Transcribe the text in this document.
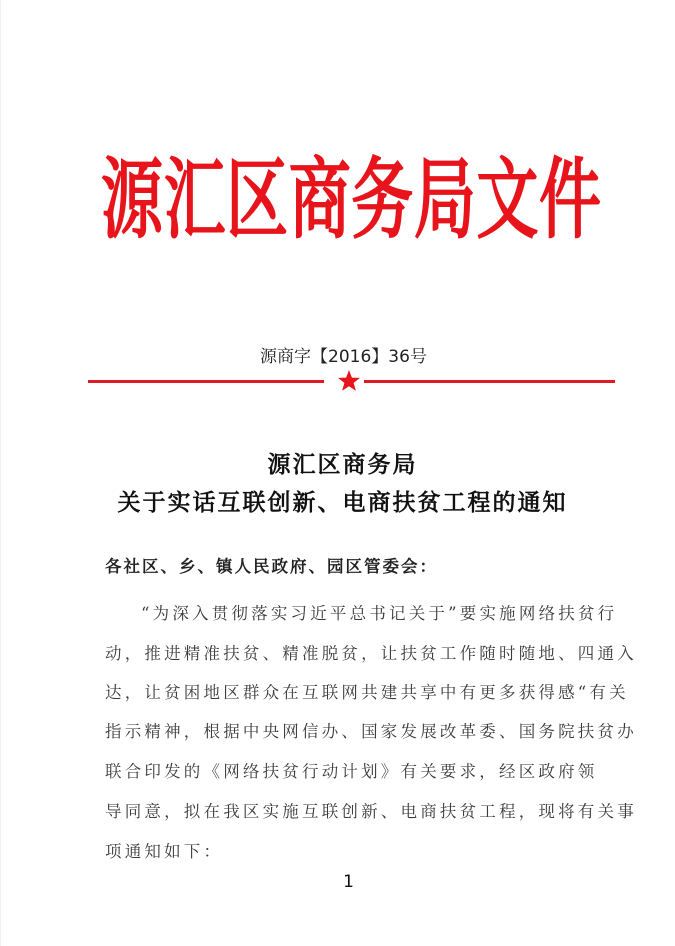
源 汇 区 商 务 局 文 件
源商字【2016】36号
源汇区商务局
关于实话互联创新、电商扶贫工程的通知
各社区、乡、镇人民政府、园区管委会：
“为深入贯彻落实习近平总书记关于”要实施网络扶贫行
动，推进精准扶贫、精准脱贫，让扶贫工作随时随地、四通入
达，让贫困地区群众在互联网共建共享中有更多获得感“有关
指示精神，根据中央网信办、国家发展改革委、国务院扶贫办
联合印发的《网络扶贫行动计划》有关要求，经区政府领
导同意，拟在我区实施互联创新、电商扶贫工程，现将有关事
项通知如下：
1
